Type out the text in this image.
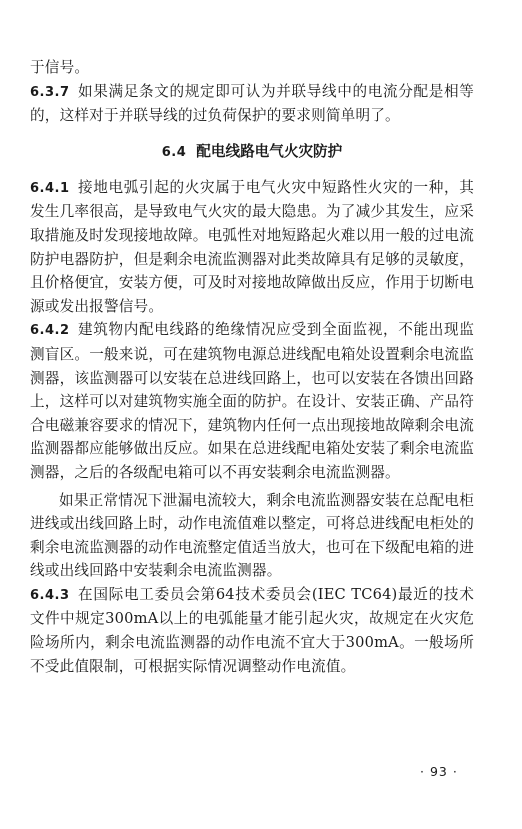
于信号。

6.3.7 如果满足条文的规定即可认为并联导线中的电流分配是相等的，这样对于并联导线的过负荷保护的要求则简单明了。

6.4 配电线路电气火灾防护

6.4.1 接地电弧引起的火灾属于电气火灾中短路性火灾的一种，其发生几率很高，是导致电气火灾的最大隐患。为了减少其发生，应采取措施及时发现接地故障。电弧性对地短路起火难以用一般的过电流防护电器防护，但是剩余电流监测器对此类故障具有足够的灵敏度，且价格便宜，安装方便，可及时对接地故障做出反应，作用于切断电源或发出报警信号。

6.4.2 建筑物内配电线路的绝缘情况应受到全面监视，不能出现监测盲区。一般来说，可在建筑物电源总进线配电箱处设置剩余电流监测器，该监测器可以安装在总进线回路上，也可以安装在各馈出回路上，这样可以对建筑物实施全面的防护。在设计、安装正确、产品符合电磁兼容要求的情况下，建筑物内任何一点出现接地故障剩余电流监测器都应能够做出反应。如果在总进线配电箱处安装了剩余电流监测器，之后的各级配电箱可以不再安装剩余电流监测器。

如果正常情况下泄漏电流较大，剩余电流监测器安装在总配电柜进线或出线回路上时，动作电流值难以整定，可将总进线配电柜处的剩余电流监测器的动作电流整定值适当放大，也可在下级配电箱的进线或出线回路中安装剩余电流监测器。

6.4.3 在国际电工委员会第64技术委员会(IEC TC64)最近的技术文件中规定300mA以上的电弧能量才能引起火灾，故规定在火灾危险场所内，剩余电流监测器的动作电流不宜大于300mA。一般场所不受此值限制，可根据实际情况调整动作电流值。

· 93 ·
